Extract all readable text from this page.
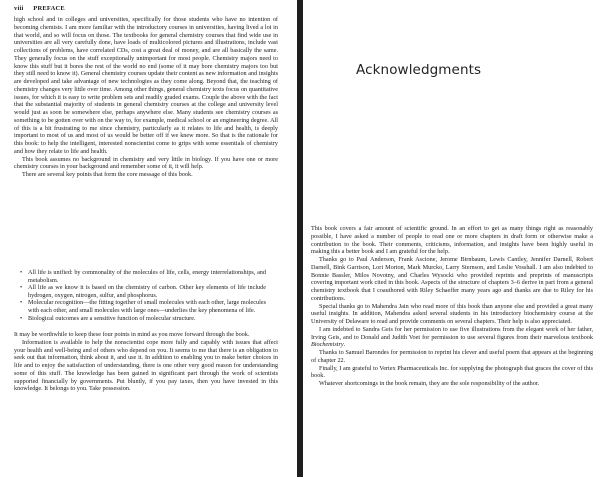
viii PREFACE

high school and in colleges and universities, specifically for those students who have no intention of becoming chemists. I am more familiar with the introductory courses in universities, having lived a lot in that world, and so will focus on those. The textbooks for general chemistry courses that find wide use in universities are all very carefully done, have loads of multicolored pictures and illustrations, include vast collections of problems, have correlated CDs, cost a great deal of money, and are all basically the same. They generally focus on the stuff exceptionally unimportant for most people. Chemistry majors need to know this stuff but it bores the rest of the world no end (some of it may bore chemistry majors too but they still need to know it). General chemistry courses update their content as new information and insights are developed and take advantage of new technologies as they come along. Beyond that, the teaching of chemistry changes very little over time. Among other things, general chemistry texts focus on quantitative issues, for which it is easy to write problem sets and readily graded exams. Couple the above with the fact that the substantial majority of students in general chemistry courses at the college and university level would just as soon be somewhere else, perhaps anywhere else. Many students see chemistry courses as something to be gotten over with on the way to, for example, medical school or an engineering degree. All of this is a bit frustrating to me since chemistry, particularly as it relates to life and health, is deeply important to most of us and most of us would be better off if we knew more. So that is the rationale for this book: to help the intelligent, interested nonscientist come to grips with some essentials of chemistry and how they relate to life and health.

This book assumes no background in chemistry and very little in biology. If you have one or more chemistry courses in your background and remember some of it, it will help.

There are several key points that form the core message of this book.

• All life is unified: by commonality of the molecules of life, cells, energy interrelationships, and metabolism.
• All life as we know it is based on the chemistry of carbon. Other key elements of life include hydrogen, oxygen, nitrogen, sulfur, and phosphorus.
• Molecular recognition—the fitting together of small molecules with each other, large molecules with each other, and small molecules with large ones—underlies the key phenomena of life.
• Biological outcomes are a sensitive function of molecular structure.

It may be worthwhile to keep these four points in mind as you move forward through the book.

Information is available to help the nonscientist cope more fully and capably with issues that affect your health and well-being and of others who depend on you. It seems to me that there is an obligation to seek out that information, think about it, and use it. In addition to enabling you to make better choices in life and to enjoy the satisfaction of understanding, there is one other very good reason for understanding some of this stuff. The knowledge has been gained in significant part through the work of scientists supported financially by governments. Put bluntly, if you pay taxes, then you have invested in this knowledge. It belongs to you. Take possession.

Acknowledgments

This book covers a fair amount of scientific ground. In an effort to get as many things right as reasonably possible, I have asked a number of people to read one or more chapters in draft form or otherwise make a contribution to the book. Their comments, criticisms, information, and insights have been highly useful in making this a better book and I am grateful for the help.

Thanks go to Paul Anderson, Frank Ascione, Jerome Birnbaum, Lewis Cantley, Jennifer Darnell, Robert Darnell, Bink Garrison, Lori Morton, Mark Murcko, Larry Sternson, and Leslie Vosshall. I am also indebted to Bonnie Bassler, Milos Novotny, and Charles Wysocki who provided reprints and preprints of manuscripts covering important work cited in this book. Aspects of the structure of chapters 3–6 derive in part from a general chemistry textbook that I coauthored with Riley Schaeffer many years ago and thanks are due to Riley for his contributions.

Special thanks go to Mahendra Jain who read more of this book than anyone else and provided a great many useful insights. In addition, Mahendra asked several students in his introductory biochemistry course at the University of Delaware to read and provide comments on several chapters. Their help is also appreciated.

I am indebted to Sandra Geis for her permission to use five illustrations from the elegant work of her father, Irving Geis, and to Donald and Judith Voet for permission to use several figures from their marvelous textbook Biochemistry.

Thanks to Samuel Barondes for permission to reprint his clever and useful poem that appears at the beginning of chapter 22.

Finally, I am grateful to Vertex Pharmaceuticals Inc. for supplying the photograph that graces the cover of this book.

Whatever shortcomings in the book remain, they are the sole responsibility of the author.
